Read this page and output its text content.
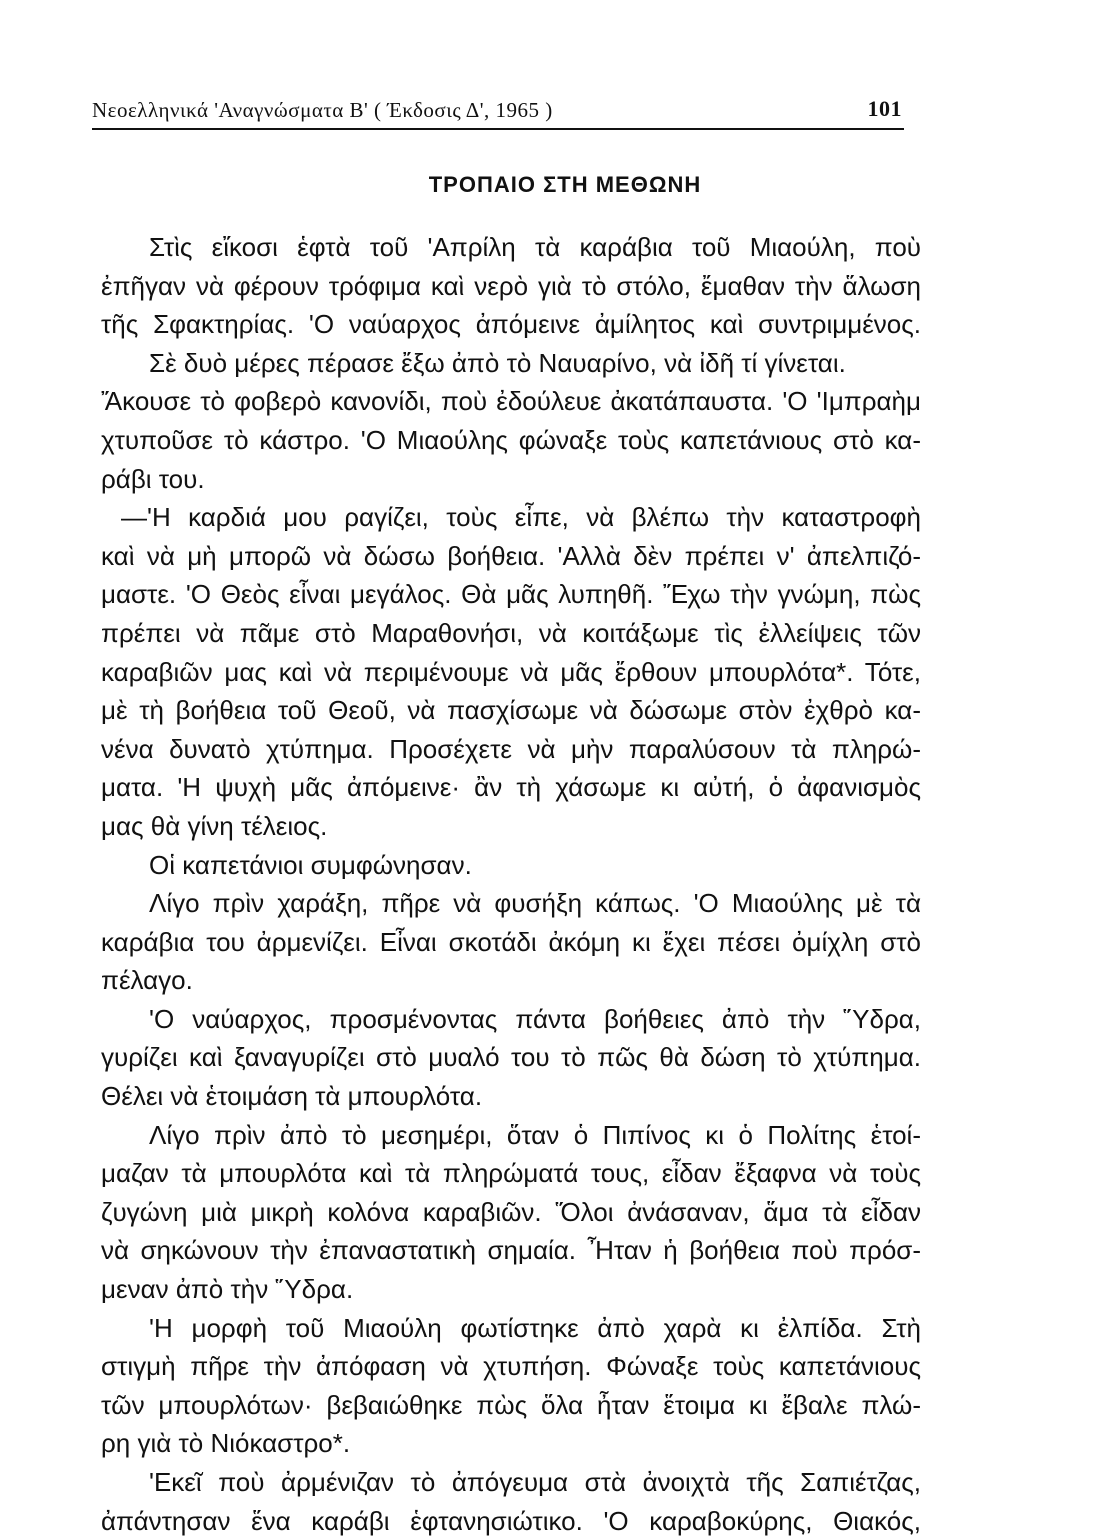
Νεοελληνικά 'Αναγνώσματα Β' ( Έκδοσις Δ', 1965 )	101
ΤΡΟΠΑΙΟ ΣΤΗ ΜΕΘΩΝΗ
Στὶς εἴκοσι ἑφτὰ τοῦ 'Απρίλη τὰ καράβια τοῦ Μιαούλη, ποὺ
ἐπῆγαν νὰ φέρουν τρόφιμα καὶ νερὸ γιὰ τὸ στόλο, ἔμαθαν τὴν ἅλωση
τῆς Σφακτηρίας. 'Ο ναύαρχος ἀπόμεινε ἀμίλητος καὶ συντριμμένος.
Σὲ δυὸ μέρες πέρασε ἔξω ἀπὸ τὸ Ναυαρίνο, νὰ ἰδῆ τί γίνεται.
Ἄκουσε τὸ φοβερὸ κανονίδι, ποὺ ἐδούλευε ἀκατάπαυστα. 'Ο 'Ιμπραὴμ
χτυποῦσε τὸ κάστρο. 'Ο Μιαούλης φώναξε τοὺς καπετάνιους στὸ κα-
ράβι του.
—'Η καρδιά μου ραγίζει, τοὺς εἶπε, νὰ βλέπω τὴν καταστροφὴ
καὶ νὰ μὴ μπορῶ νὰ δώσω βοήθεια. 'Αλλὰ δὲν πρέπει ν' ἀπελπιζό-
μαστε. 'Ο Θεὸς εἶναι μεγάλος. Θὰ μᾶς λυπηθῆ. Ἔχω τὴν γνώμη, πὼς
πρέπει νὰ πᾶμε στὸ Μαραθονήσι, νὰ κοιτάξωμε τὶς ἐλλείψεις τῶν
καραβιῶν μας καὶ νὰ περιμένουμε νὰ μᾶς ἔρθουν μπουρλότα*. Τότε,
μὲ τὴ βοήθεια τοῦ Θεοῦ, νὰ πασχίσωμε νὰ δώσωμε στὸν ἐχθρὸ κα-
νένα δυνατὸ χτύπημα. Προσέχετε νὰ μὴν παραλύσουν τὰ πληρώ-
ματα. 'Η ψυχὴ μᾶς ἀπόμεινε· ἂν τὴ χάσωμε κι αὐτή, ὁ ἀφανισμὸς
μας θὰ γίνη τέλειος.
Οἱ καπετάνιοι συμφώνησαν.
Λίγο πρὶν χαράξη, πῆρε νὰ φυσήξη κάπως. 'Ο Μιαούλης μὲ τὰ
καράβια του ἀρμενίζει. Εἶναι σκοτάδι ἀκόμη κι ἔχει πέσει ὀμίχλη στὸ
πέλαγο.
'Ο ναύαρχος, προσμένοντας πάντα βοήθειες ἀπὸ τὴν Ὕδρα,
γυρίζει καὶ ξαναγυρίζει στὸ μυαλό του τὸ πῶς θὰ δώση τὸ χτύπημα.
Θέλει νὰ ἑτοιμάση τὰ μπουρλότα.
Λίγο πρὶν ἀπὸ τὸ μεσημέρι, ὅταν ὁ Πιπίνος κι ὁ Πολίτης ἑτοί-
μαζαν τὰ μπουρλότα καὶ τὰ πληρώματά τους, εἶδαν ἔξαφνα νὰ τοὺς
ζυγώνη μιὰ μικρὴ κολόνα καραβιῶν. Ὅλοι ἀνάσαναν, ἅμα τὰ εἶδαν
νὰ σηκώνουν τὴν ἐπαναστατικὴ σημαία. Ἦταν ἡ βοήθεια ποὺ πρόσ-
μεναν ἀπὸ τὴν Ὕδρα.
'Η μορφὴ τοῦ Μιαούλη φωτίστηκε ἀπὸ χαρὰ κι ἐλπίδα. Στὴ
στιγμὴ πῆρε τὴν ἀπόφαση νὰ χτυπήση. Φώναξε τοὺς καπετάνιους
τῶν μπουρλότων· βεβαιώθηκε πὼς ὅλα ἦταν ἕτοιμα κι ἔβαλε πλώ-
ρη γιὰ τὸ Νιόκαστρο*.
'Εκεῖ ποὺ ἀρμένιζαν τὸ ἀπόγευμα στὰ ἀνοιχτὰ τῆς Σαπιέτζας,
ἀπάντησαν ἕνα καράβι ἑφτανησιώτικο. 'Ο καραβοκύρης, Θιακός,
